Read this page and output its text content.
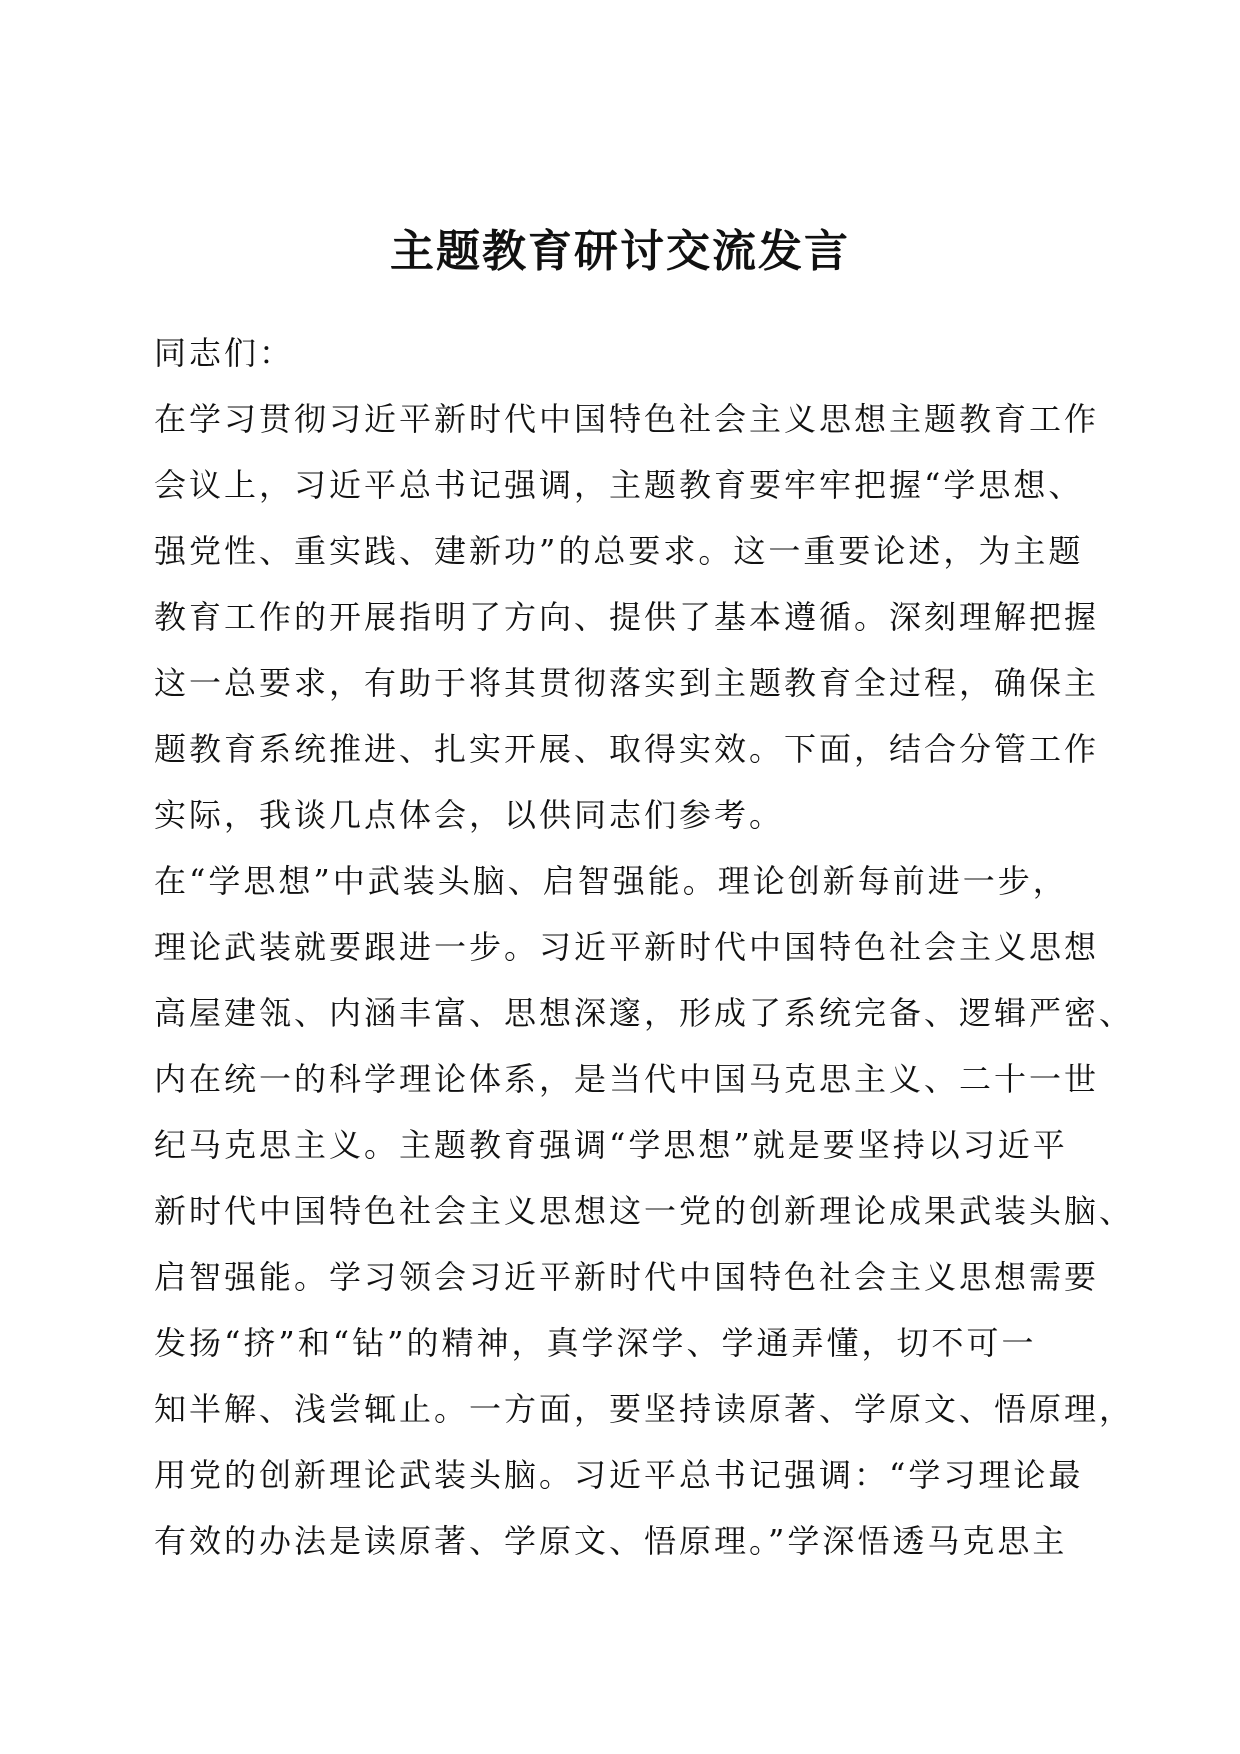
主题教育研讨交流发言
同志们：
在学习贯彻习近平新时代中国特色社会主义思想主题教育工作
会议上，习近平总书记强调，主题教育要牢牢把握“学思想、
强党性、重实践、建新功”的总要求。这一重要论述，为主题
教育工作的开展指明了方向、提供了基本遵循。深刻理解把握
这一总要求，有助于将其贯彻落实到主题教育全过程，确保主
题教育系统推进、扎实开展、取得实效。下面，结合分管工作
实际，我谈几点体会，以供同志们参考。
在“学思想”中武装头脑、启智强能。理论创新每前进一步，
理论武装就要跟进一步。习近平新时代中国特色社会主义思想
高屋建瓴、内涵丰富、思想深邃，形成了系统完备、逻辑严密、
内在统一的科学理论体系，是当代中国马克思主义、二十一世
纪马克思主义。主题教育强调“学思想”就是要坚持以习近平
新时代中国特色社会主义思想这一党的创新理论成果武装头脑、
启智强能。学习领会习近平新时代中国特色社会主义思想需要
发扬“挤”和“钻”的精神，真学深学、学通弄懂，切不可一
知半解、浅尝辄止。一方面，要坚持读原著、学原文、悟原理，
用党的创新理论武装头脑。习近平总书记强调：“学习理论最
有效的办法是读原著、学原文、悟原理。”学深悟透马克思主
